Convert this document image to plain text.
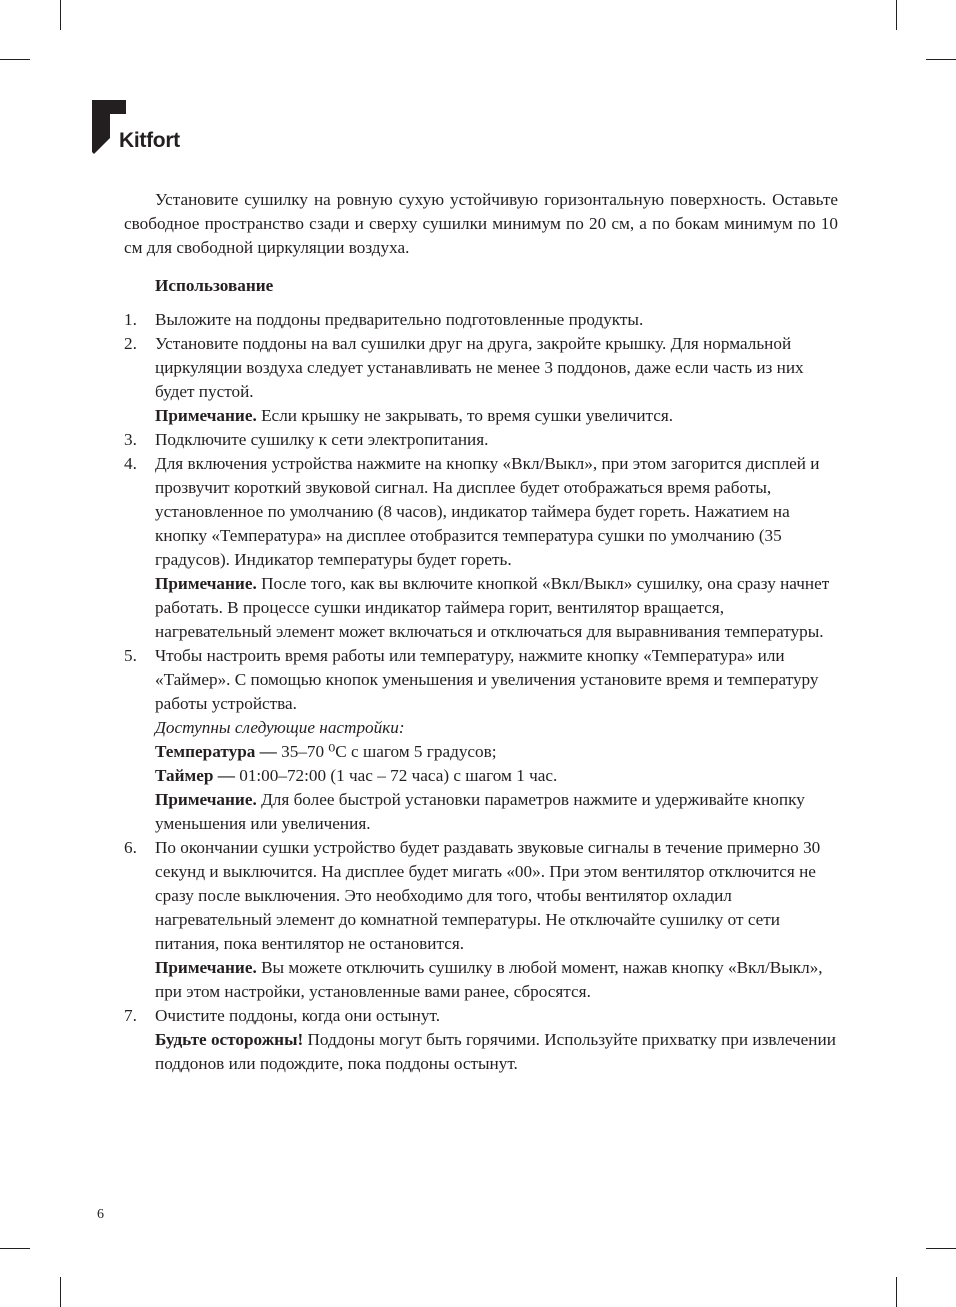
Kitfort

Установите сушилку на ровную сухую устойчивую горизонтальную поверхность. Оставьте свободное пространство сзади и сверху сушилки минимум по 20 см, а по бокам минимум по 10 см для свободной циркуляции воздуха.

Использование

1. Выложите на поддоны предварительно подготовленные продукты.
2. Установите поддоны на вал сушилки друг на друга, закройте крышку. Для нормальной циркуляции воздуха следует устанавливать не менее 3 поддонов, даже если часть из них будет пустой.
Примечание. Если крышку не закрывать, то время сушки увеличится.
3. Подключите сушилку к сети электропитания.
4. Для включения устройства нажмите на кнопку «Вкл/Выкл», при этом загорится дисплей и прозвучит короткий звуковой сигнал. На дисплее будет отображаться время работы, установленное по умолчанию (8 часов), индикатор таймера будет гореть. Нажатием на кнопку «Температура» на дисплее отобразится температура сушки по умолчанию (35 градусов). Индикатор температуры будет гореть.
Примечание. После того, как вы включите кнопкой «Вкл/Выкл» сушилку, она сразу начнет работать. В процессе сушки индикатор таймера горит, вентилятор вращается, нагревательный элемент может включаться и отключаться для выравнивания температуры.
5. Чтобы настроить время работы или температуру, нажмите кнопку «Температура» или «Таймер». С помощью кнопок уменьшения и увеличения установите время и температуру работы устройства.
Доступны следующие настройки:
Температура — 35–70 ⁰С с шагом 5 градусов;
Таймер — 01:00–72:00 (1 час – 72 часа) с шагом 1 час.
Примечание. Для более быстрой установки параметров нажмите и удерживайте кнопку уменьшения или увеличения.
6. По окончании сушки устройство будет раздавать звуковые сигналы в течение примерно 30 секунд и выключится. На дисплее будет мигать «00». При этом вентилятор отключится не сразу после выключения. Это необходимо для того, чтобы вентилятор охладил нагревательный элемент до комнатной температуры. Не отключайте сушилку от сети питания, пока вентилятор не остановится.
Примечание. Вы можете отключить сушилку в любой момент, нажав кнопку «Вкл/Выкл», при этом настройки, установленные вами ранее, сбросятся.
7. Очистите поддоны, когда они остынут.
Будьте осторожны! Поддоны могут быть горячими. Используйте прихватку при извлечении поддонов или подождите, пока поддоны остынут.
6
